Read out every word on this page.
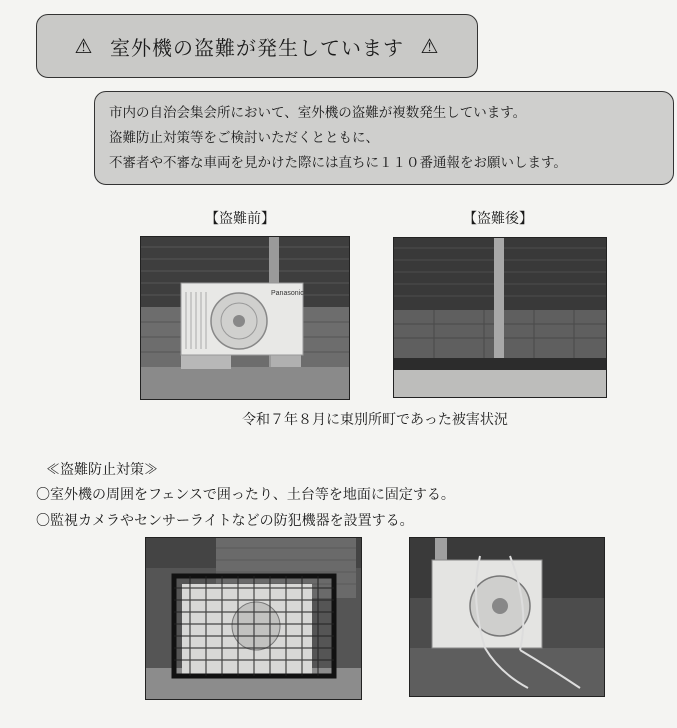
⚠ 室外機の盗難が発生しています ⚠
市内の自治会集会所において、室外機の盗難が複数発生しています。
盗難防止対策等をご検討いただくとともに、
不審者や不審な車両を見かけた際には直ちに１１０番通報をお願いします。
【盗難前】	【盗難後】
Panasonic
令和７年８月に東別所町であった被害状況
≪盗難防止対策≫
〇室外機の周囲をフェンスで囲ったり、土台等を地面に固定する。
〇監視カメラやセンサーライトなどの防犯機器を設置する。
